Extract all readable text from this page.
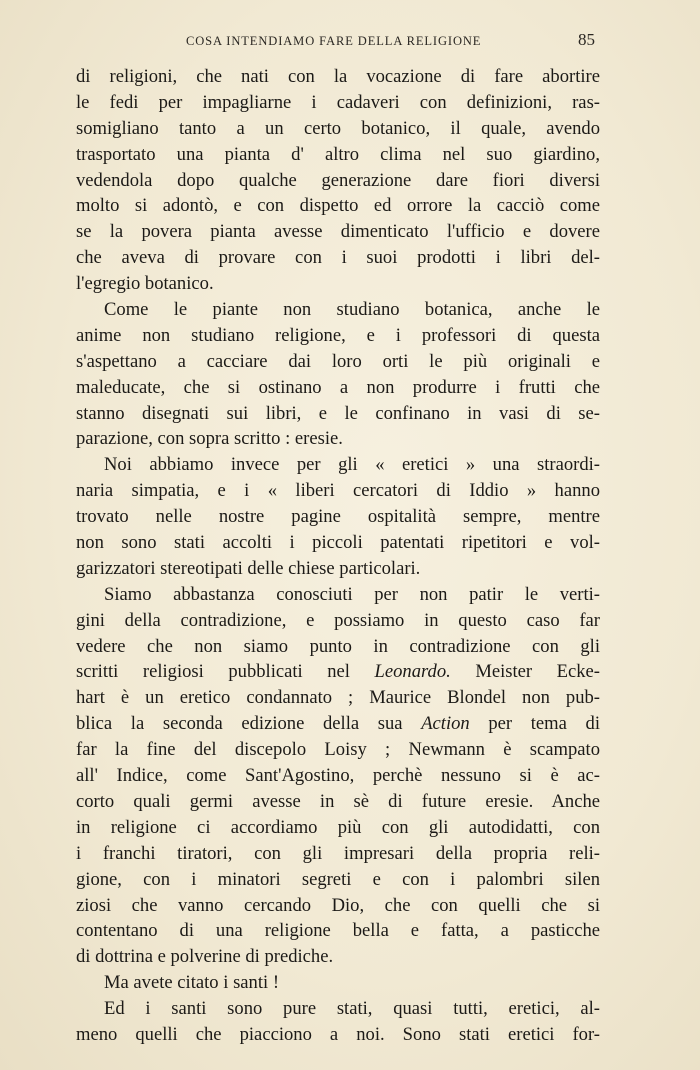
COSA INTENDIAMO FARE DELLA RELIGIONE	85
di religioni, che nati con la vocazione di fare abortire
le fedi per impagliarne i cadaveri con definizioni, ras-
somigliano tanto a un certo botanico, il quale, avendo
trasportato una pianta d' altro clima nel suo giardino,
vedendola dopo qualche generazione dare fiori diversi
molto si adontò, e con dispetto ed orrore la cacciò come
se la povera pianta avesse dimenticato l'ufficio e dovere
che aveva di provare con i suoi prodotti i libri del-
l'egregio botanico.
Come le piante non studiano botanica, anche le
anime non studiano religione, e i professori di questa
s'aspettano a cacciare dai loro orti le più originali e
maleducate, che si ostinano a non produrre i frutti che
stanno disegnati sui libri, e le confinano in vasi di se-
parazione, con sopra scritto : eresie.
Noi abbiamo invece per gli « eretici » una straordi-
naria simpatia, e i « liberi cercatori di Iddio » hanno
trovato nelle nostre pagine ospitalità sempre, mentre
non sono stati accolti i piccoli patentati ripetitori e vol-
garizzatori stereotipati delle chiese particolari.
Siamo abbastanza conosciuti per non patir le verti-
gini della contradizione, e possiamo in questo caso far
vedere che non siamo punto in contradizione con gli
scritti religiosi pubblicati nel Leonardo. Meister Ecke-
hart è un eretico condannato ; Maurice Blondel non pub-
blica la seconda edizione della sua Action per tema di
far la fine del discepolo Loisy ; Newmann è scampato
all' Indice, come Sant'Agostino, perchè nessuno si è ac-
corto quali germi avesse in sè di future eresie. Anche
in religione ci accordiamo più con gli autodidatti, con
i franchi tiratori, con gli impresari della propria reli-
gione, con i minatori segreti e con i palombri silen
ziosi che vanno cercando Dio, che con quelli che si
contentano di una religione bella e fatta, a pasticche
di dottrina e polverine di prediche.
Ma avete citato i santi !
Ed i santi sono pure stati, quasi tutti, eretici, al-
meno quelli che piacciono a noi. Sono stati eretici for-
